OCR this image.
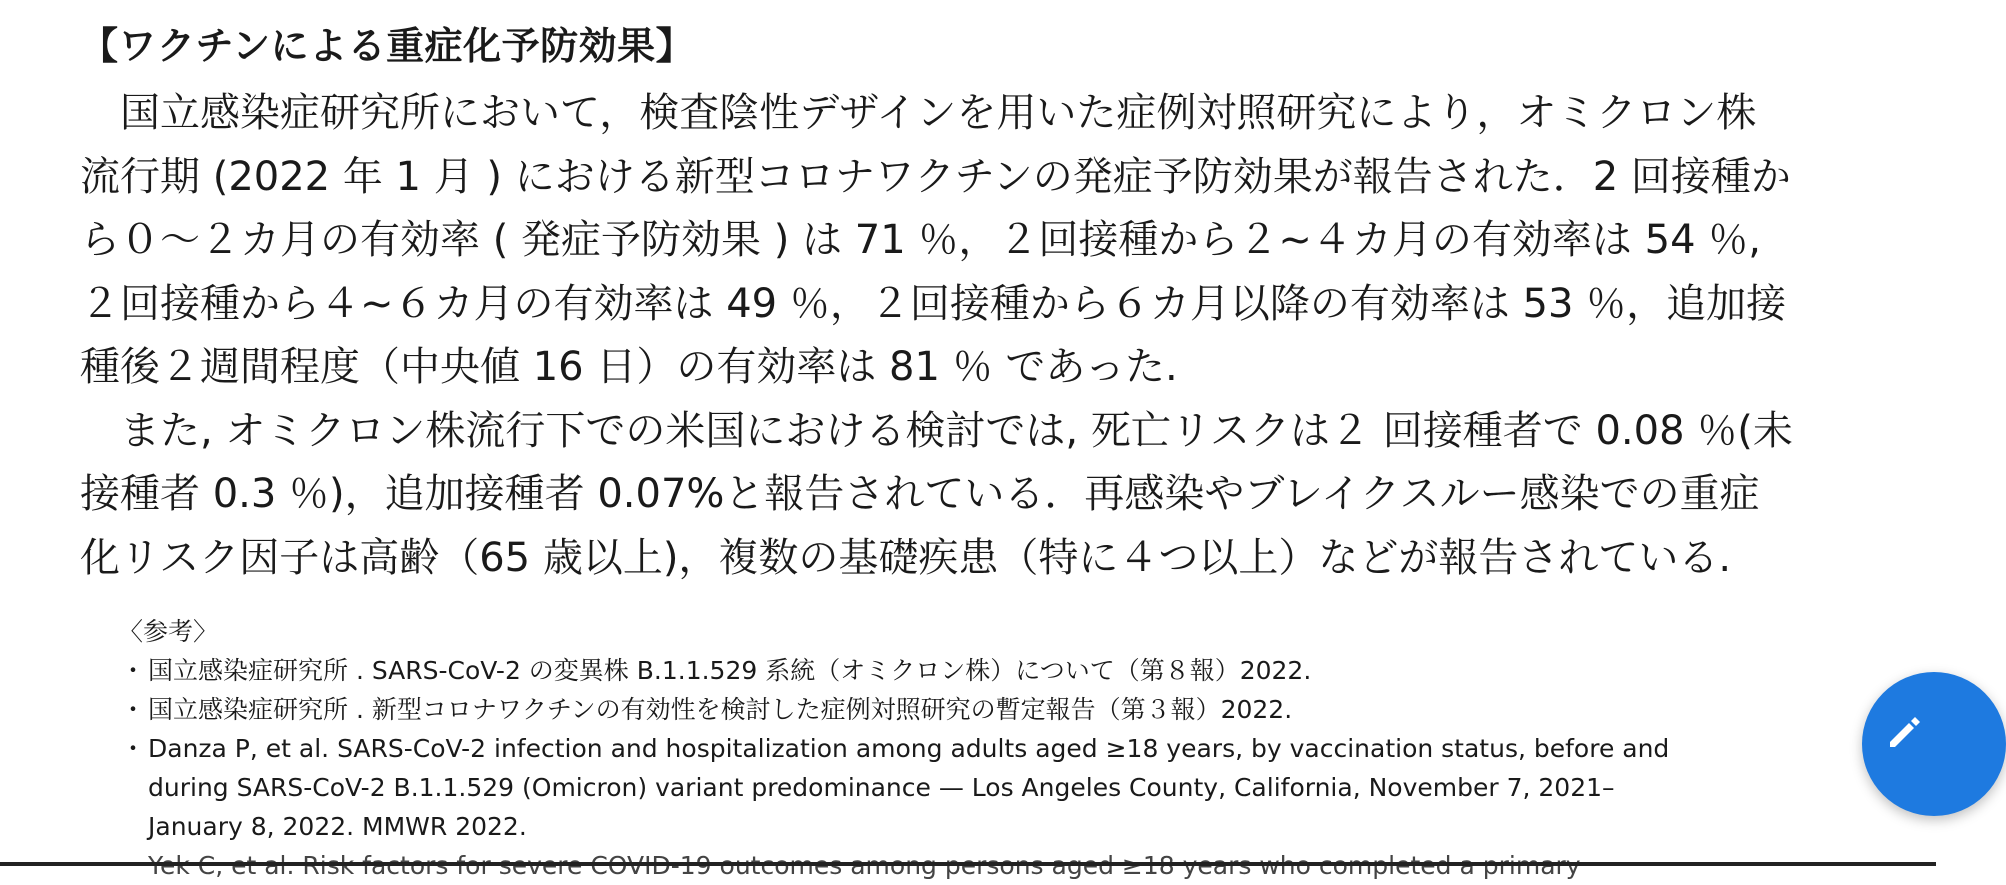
【ワクチンによる重症化予防効果】

国立感染症研究所において，検査陰性デザインを用いた症例対照研究により，オミクロン株
流行期 (2022 年 1 月 ) における新型コロナワクチンの発症予防効果が報告された．2 回接種か
ら０～２カ月の有効率 ( 発症予防効果 ) は 71 ％，２回接種から２~４カ月の有効率は 54 ％,
２回接種から４~６カ月の有効率は 49 ％，２回接種から６カ月以降の有効率は 53 ％，追加接
種後２週間程度（中央値 16 日）の有効率は 81 ％ であった.

また, オミクロン株流行下での米国における検討では, 死亡リスクは２ 回接種者で 0.08 ％(未
接種者 0.3 ％)，追加接種者 0.07%と報告されている．再感染やブレイクスルー感染での重症
化リスク因子は高齢（65 歳以上)，複数の基礎疾患（特に４つ以上）などが報告されている.

〈参考〉
・ 国立感染症研究所 . SARS-CoV-2 の変異株 B.1.1.529 系統（オミクロン株）について（第８報）2022.
・ 国立感染症研究所 . 新型コロナワクチンの有効性を検討した症例対照研究の暫定報告（第３報）2022.
・ Danza P, et al. SARS-CoV-2 infection and hospitalization among adults aged ≥18 years, by vaccination status, before and
during SARS-CoV-2 B.1.1.529 (Omicron) variant predominance — Los Angeles County, California, November 7, 2021–
January 8, 2022. MMWR 2022.
